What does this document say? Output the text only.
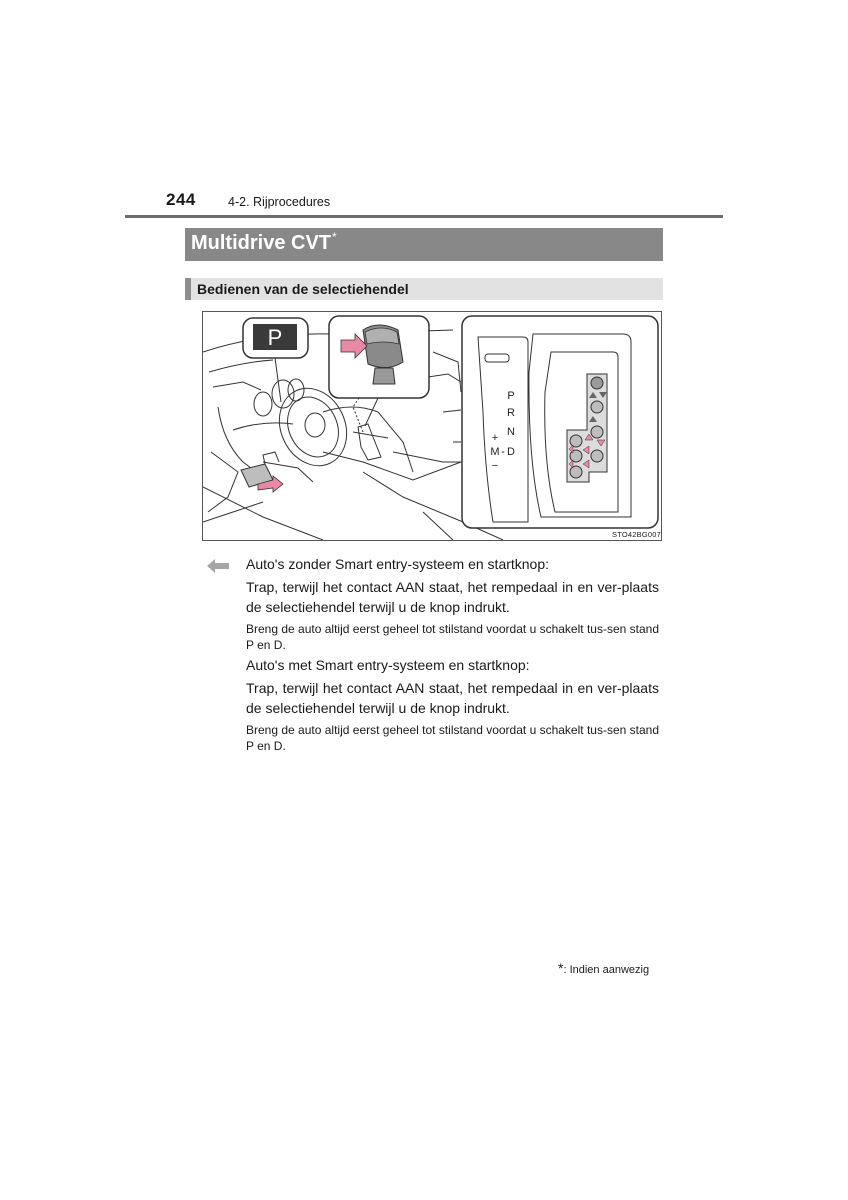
244	4-2. Rijprocedures
Multidrive CVT*
Bedienen van de selectiehendel
P
P
R
N
D
-
M
+
−
STO42BG007
Auto's zonder Smart entry-systeem en startknop:
Trap, terwijl het contact AAN staat, het rempedaal in en ver-plaats de selectiehendel terwijl u de knop indrukt.
Breng de auto altijd eerst geheel tot stilstand voordat u schakelt tus-sen stand P en D.
Auto's met Smart entry-systeem en startknop:
Trap, terwijl het contact AAN staat, het rempedaal in en ver-plaats de selectiehendel terwijl u de knop indrukt.
Breng de auto altijd eerst geheel tot stilstand voordat u schakelt tus-sen stand P en D.
*: Indien aanwezig
